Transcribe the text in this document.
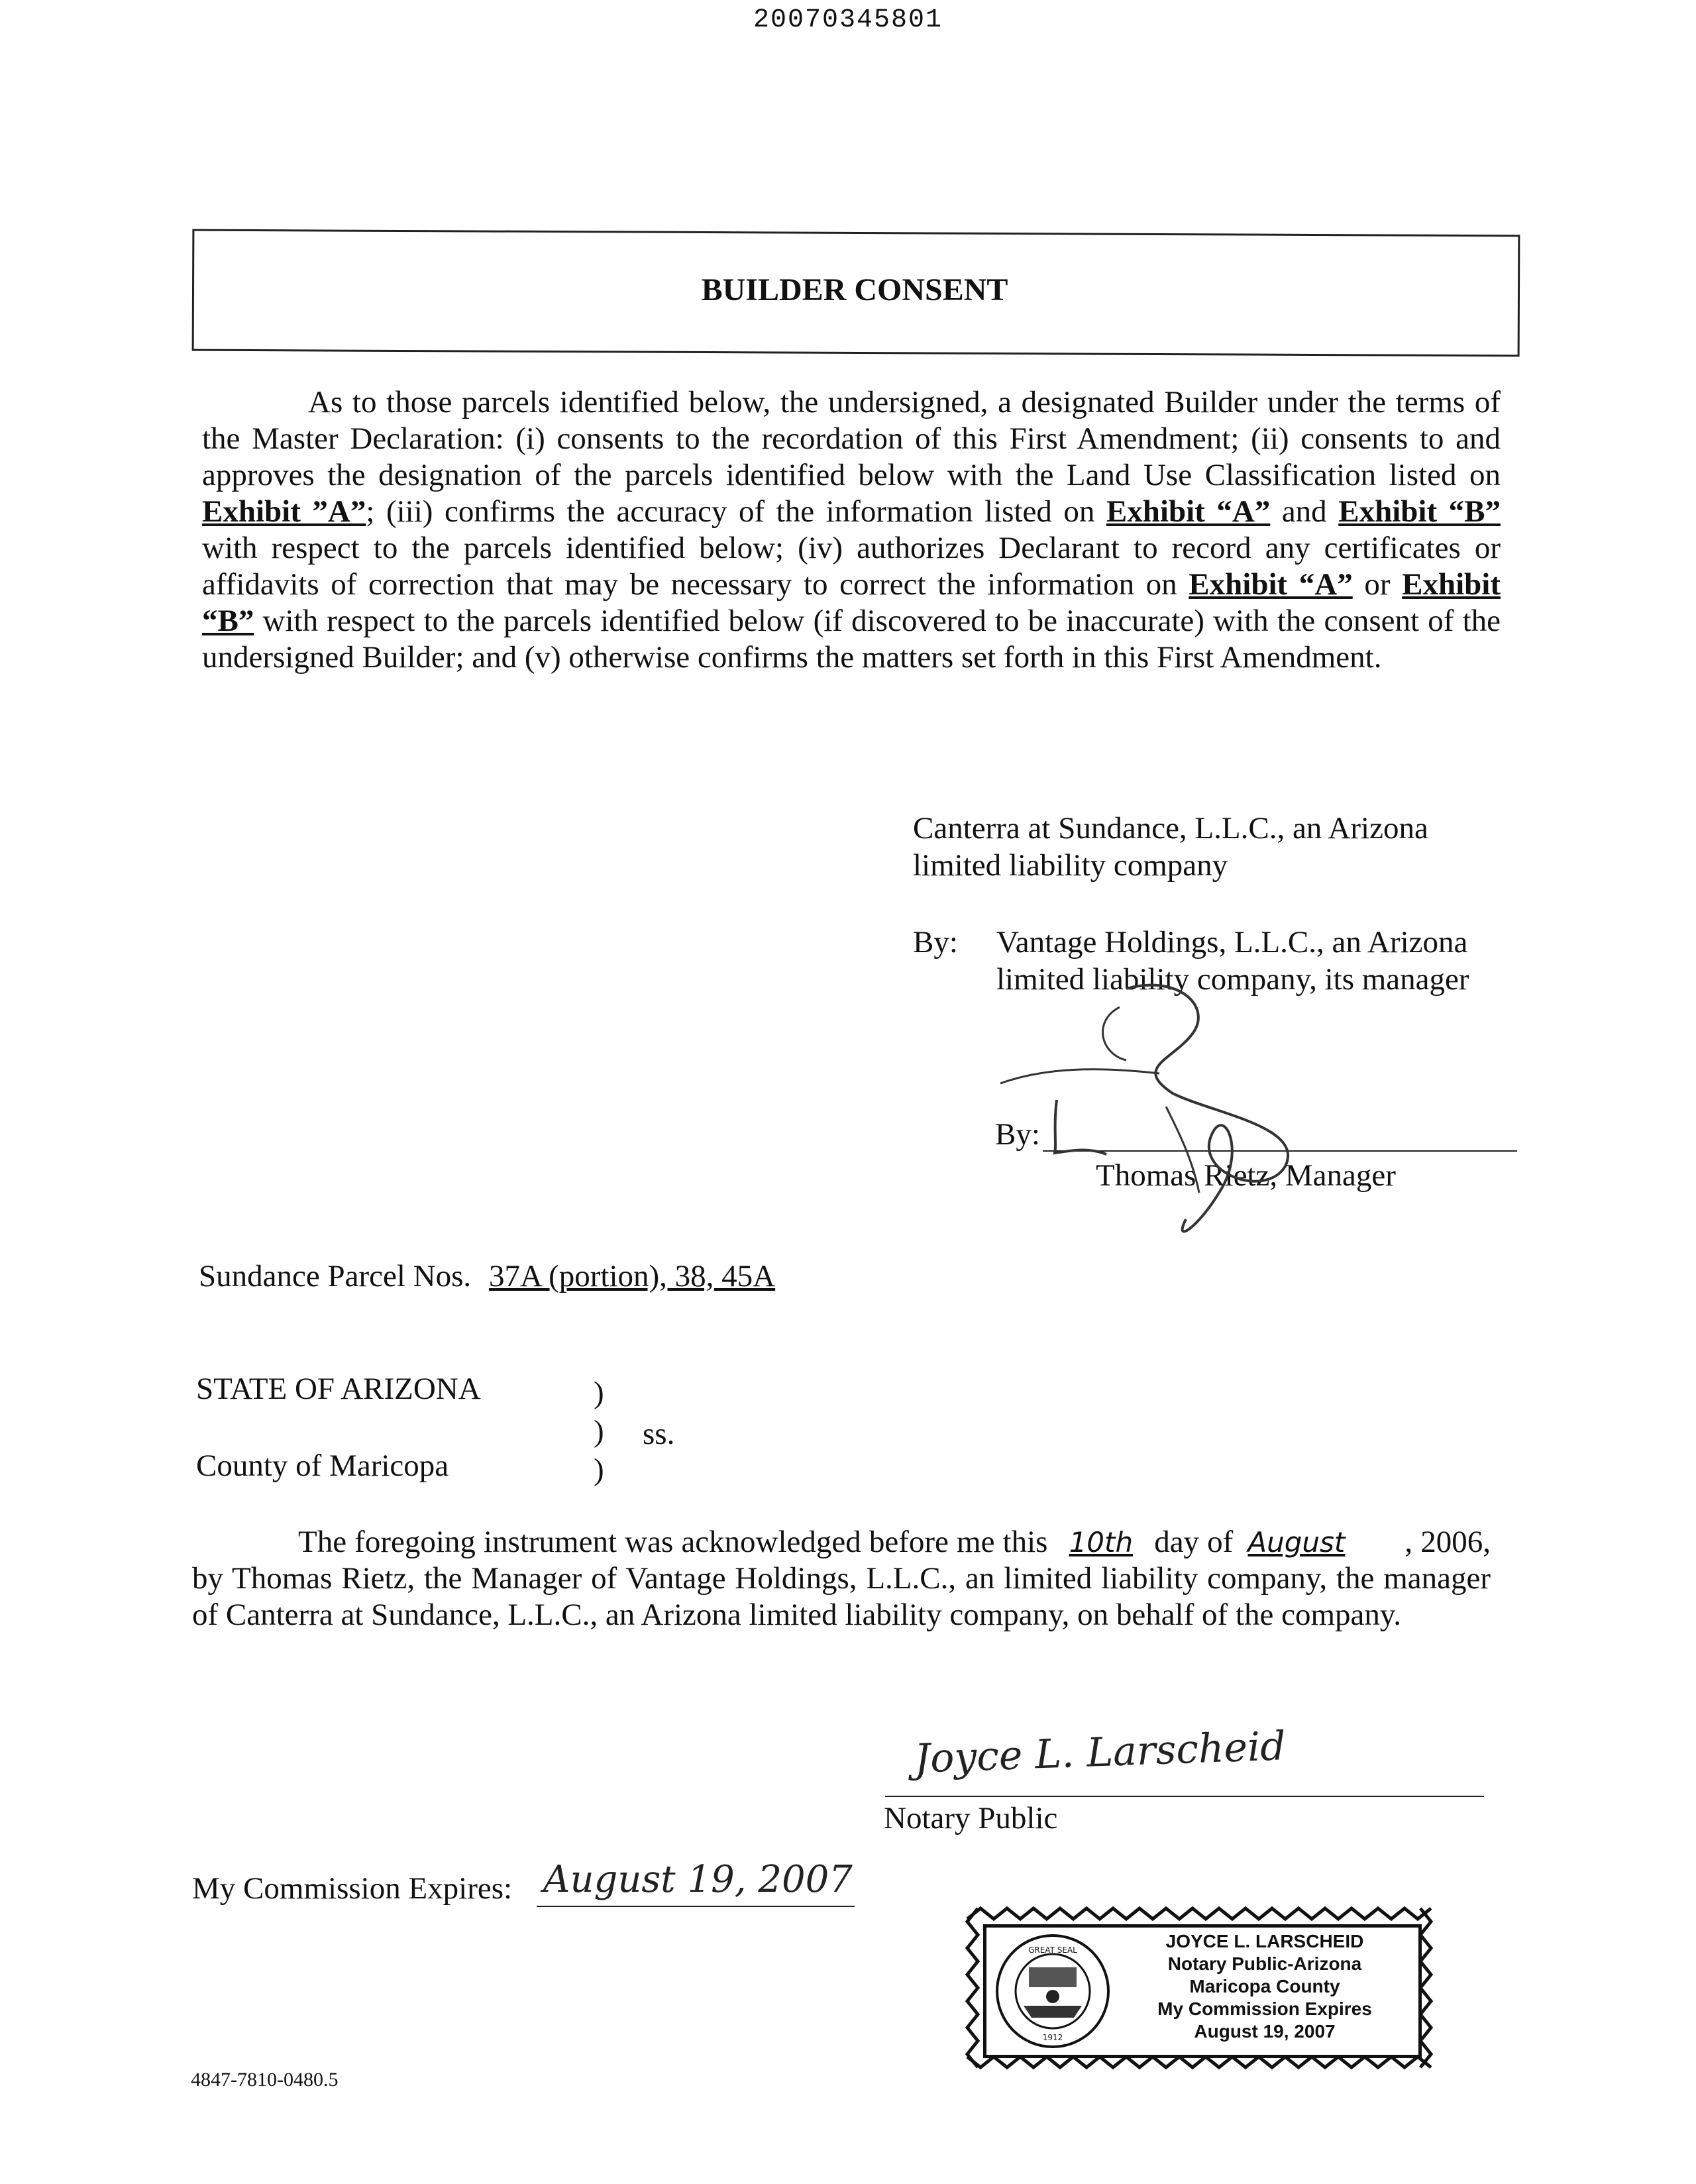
20070345801
BUILDER CONSENT

As to those parcels identified below, the undersigned, a designated Builder under the terms of the Master Declaration: (i) consents to the recordation of this First Amendment; (ii) consents to and approves the designation of the parcels identified below with the Land Use Classification listed on Exhibit ”A”; (iii) confirms the accuracy of the information listed on Exhibit “A” and Exhibit “B” with respect to the parcels identified below; (iv) authorizes Declarant to record any certificates or affidavits of correction that may be necessary to correct the information on Exhibit “A” or Exhibit “B” with respect to the parcels identified below (if discovered to be inaccurate) with the consent of the undersigned Builder; and (v) otherwise confirms the matters set forth in this First Amendment.

Canterra at Sundance, L.L.C., an Arizona
limited liability company
By: Vantage Holdings, L.L.C., an Arizona
limited liability company, its manager
By:
Thomas Rietz, Manager
Sundance Parcel Nos. 37A (portion), 38, 45A
STATE OF ARIZONA	)
) ss.
)
County of Maricopa

The foregoing instrument was acknowledged before me this 10th day of August , 2006, by Thomas Rietz, the Manager of Vantage Holdings, L.L.C., an limited liability company, the manager of Canterra at Sundance, L.L.C., an Arizona limited liability company, on behalf of the company.

Joyce L. Larscheid
Notary Public
My Commission Expires: August 19, 2007
GREAT SEAL
1912
JOYCE L. LARSCHEID
Notary Public-Arizona
Maricopa County
My Commission Expires
August 19, 2007
4847-7810-0480.5
